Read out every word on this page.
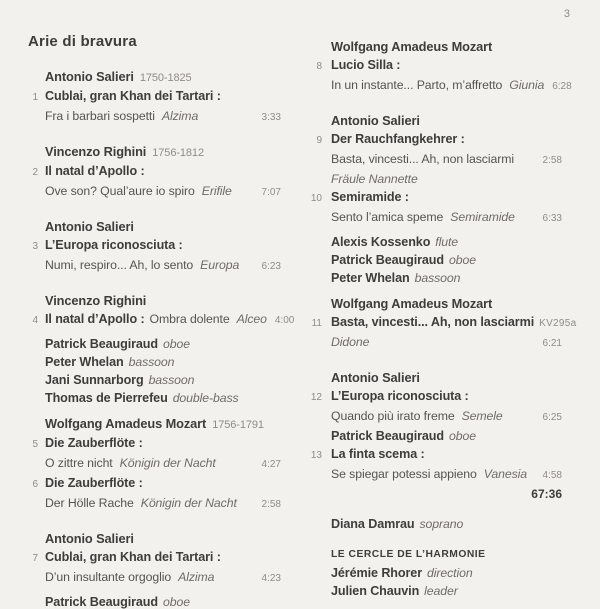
3
Arie di bravura
Antonio Salieri 1750-1825
1 Cublai, gran Khan dei Tartari :
Fra i barbari sospetti Alzima	3:33
Vincenzo Righini 1756-1812
2 Il natal d’Apollo :
Ove son? Qual’aure io spiro Erifile	7:07
Antonio Salieri
3 L’Europa riconosciuta :
Numi, respiro... Ah, lo sento Europa	6:23
Vincenzo Righini
4 Il natal d’Apollo : Ombra dolente Alceo 4:00
Patrick Beaugiraud oboe
Peter Whelan bassoon
Jani Sunnarborg bassoon
Thomas de Pierrefeu double-bass
Wolfgang Amadeus Mozart 1756-1791
5 Die Zauberflöte :
O zittre nicht Königin der Nacht	4:27
6 Die Zauberflöte :
Der Hölle Rache Königin der Nacht	2:58
Antonio Salieri
7 Cublai, gran Khan dei Tartari :
D’un insultante orgoglio Alzima	4:23
Patrick Beaugiraud oboe
Wolfgang Amadeus Mozart
8 Lucio Silla :
In un instante... Parto, m’affretto Giunia 6:28
Antonio Salieri
9 Der Rauchfangkehrer :
Basta, vincesti... Ah, non lasciarmi	2:58
Fräule Nannette
10 Semiramide :
Sento l’amica speme Semiramide	6:33
Alexis Kossenko flute
Patrick Beaugiraud oboe
Peter Whelan bassoon
Wolfgang Amadeus Mozart
11 Basta, vincesti... Ah, non lasciarmi KV295a
Didone	6:21
Antonio Salieri
12 L’Europa riconosciuta :
Quando più irato freme Semele	6:25
Patrick Beaugiraud oboe
13 La finta scema :
Se spiegar potessi appieno Vanesia	4:58
67:36
Diana Damrau soprano
LE CERCLE DE L’HARMONIE
Jérémie Rhorer direction
Julien Chauvin leader
